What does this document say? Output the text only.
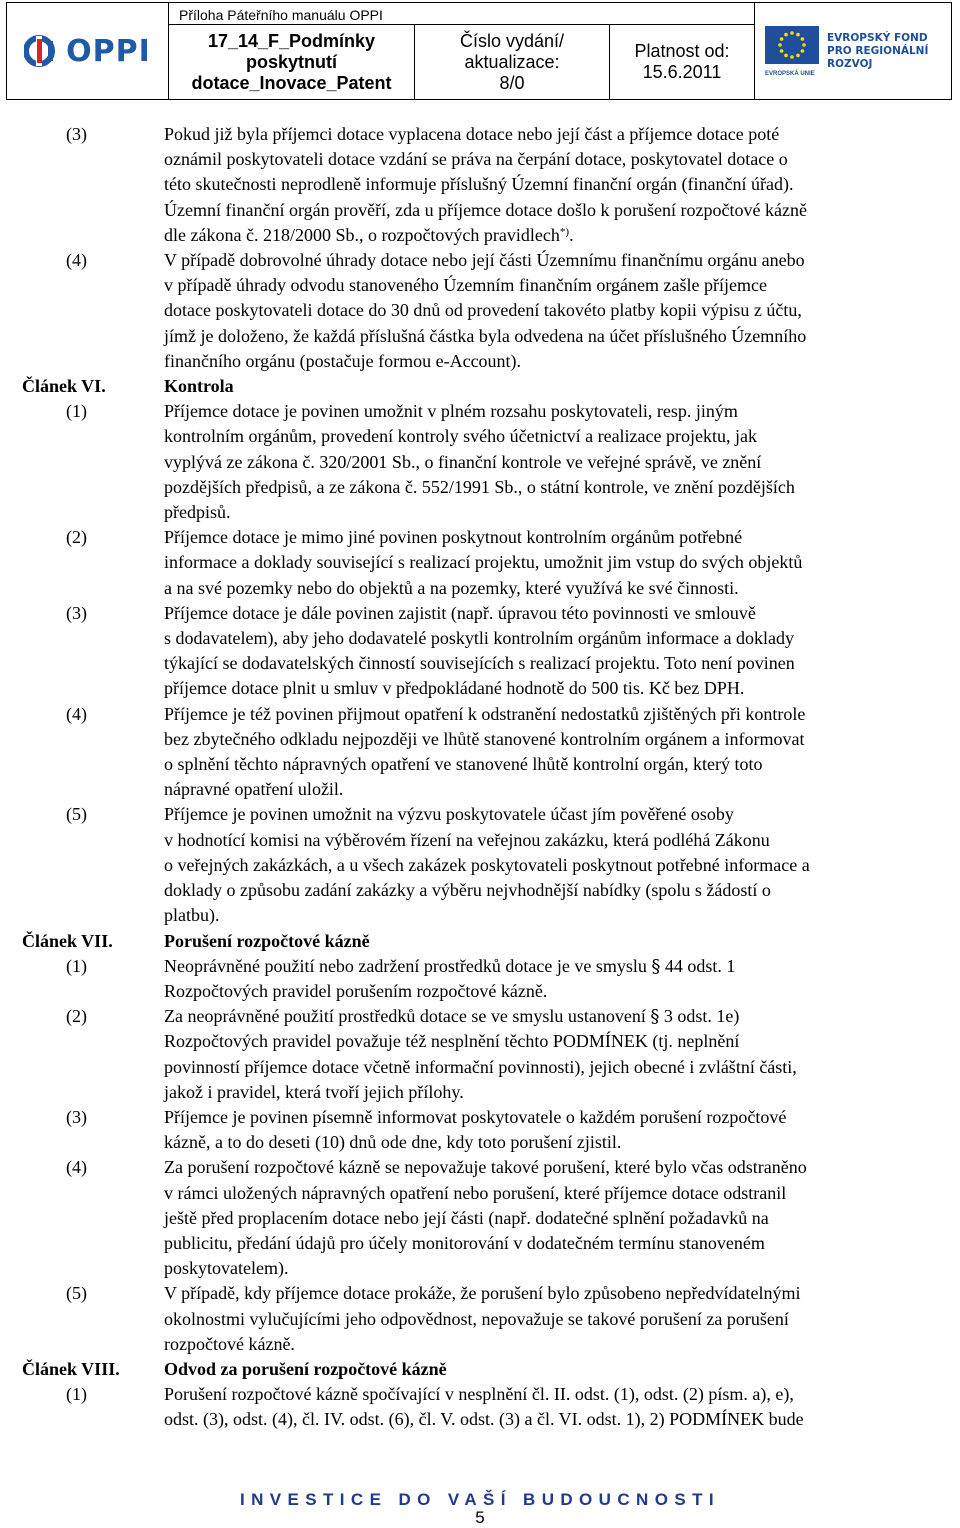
OPPI
Příloha Páteřního manuálu OPPI
17_14_F_Podmínky
poskytnutí
dotace_Inovace_Patent
Číslo vydání/
aktualizace:
8/0
Platnost od:
15.6.2011	EVROPSKÁ UNIE
EVROPSKÝ FOND
PRO REGIONÁLNÍ
ROZVOJ
(3)	Pokud již byla příjemci dotace vyplacena dotace nebo její část a příjemce dotace poté
oznámil poskytovateli dotace vzdání se práva na čerpání dotace, poskytovatel dotace o
této skutečnosti neprodleně informuje příslušný Územní finanční orgán (finanční úřad).
Územní finanční orgán prověří, zda u příjemce dotace došlo k porušení rozpočtové kázně
dle zákona č. 218/2000 Sb., o rozpočtových pravidlech*).
(4)	V případě dobrovolné úhrady dotace nebo její části Územnímu finančnímu orgánu anebo
v případě úhrady odvodu stanoveného Územním finančním orgánem zašle příjemce
dotace poskytovateli dotace do 30 dnů od provedení takovéto platby kopii výpisu z účtu,
jímž je doloženo, že každá příslušná částka byla odvedena na účet příslušného Územního
finančního orgánu (postačuje formou e-Account).
Článek VI.	Kontrola
(1)	Příjemce dotace je povinen umožnit v plném rozsahu poskytovateli, resp. jiným
kontrolním orgánům, provedení kontroly svého účetnictví a realizace projektu, jak
vyplývá ze zákona č. 320/2001 Sb., o finanční kontrole ve veřejné správě, ve znění
pozdějších předpisů, a ze zákona č. 552/1991 Sb., o státní kontrole, ve znění pozdějších
předpisů.
(2)	Příjemce dotace je mimo jiné povinen poskytnout kontrolním orgánům potřebné
informace a doklady související s realizací projektu, umožnit jim vstup do svých objektů
a na své pozemky nebo do objektů a na pozemky, které využívá ke své činnosti.
(3)	Příjemce dotace je dále povinen zajistit (např. úpravou této povinnosti ve smlouvě
s dodavatelem), aby jeho dodavatelé poskytli kontrolním orgánům informace a doklady
týkající se dodavatelských činností souvisejících s realizací projektu. Toto není povinen
příjemce dotace plnit u smluv v předpokládané hodnotě do 500 tis. Kč bez DPH.
(4)	Příjemce je též povinen přijmout opatření k odstranění nedostatků zjištěných při kontrole
bez zbytečného odkladu nejpozději ve lhůtě stanovené kontrolním orgánem a informovat
o splnění těchto nápravných opatření ve stanovené lhůtě kontrolní orgán, který toto
nápravné opatření uložil.
(5)	Příjemce je povinen umožnit na výzvu poskytovatele účast jím pověřené osoby
v hodnotící komisi na výběrovém řízení na veřejnou zakázku, která podléhá Zákonu
o veřejných zakázkách, a u všech zakázek poskytovateli poskytnout potřebné informace a
doklady o způsobu zadání zakázky a výběru nejvhodnější nabídky (spolu s žádostí o
platbu).
Článek VII.	Porušení rozpočtové kázně
(1)	Neoprávněné použití nebo zadržení prostředků dotace je ve smyslu § 44 odst. 1
Rozpočtových pravidel porušením rozpočtové kázně.
(2)	Za neoprávněné použití prostředků dotace se ve smyslu ustanovení § 3 odst. 1e)
Rozpočtových pravidel považuje též nesplnění těchto PODMÍNEK (tj. neplnění
povinností příjemce dotace včetně informační povinnosti), jejich obecné i zvláštní části,
jakož i pravidel, která tvoří jejich přílohy.
(3)	Příjemce je povinen písemně informovat poskytovatele o každém porušení rozpočtové
kázně, a to do deseti (10) dnů ode dne, kdy toto porušení zjistil.
(4)	Za porušení rozpočtové kázně se nepovažuje takové porušení, které bylo včas odstraněno
v rámci uložených nápravných opatření nebo porušení, které příjemce dotace odstranil
ještě před proplacením dotace nebo její části (např. dodatečné splnění požadavků na
publicitu, předání údajů pro účely monitorování v dodatečném termínu stanoveném
poskytovatelem).
(5)	V případě, kdy příjemce dotace prokáže, že porušení bylo způsobeno nepředvídatelnými
okolnostmi vylučujícími jeho odpovědnost, nepovažuje se takové porušení za porušení
rozpočtové kázně.
Článek VIII. Odvod za porušení rozpočtové kázně
(1)	Porušení rozpočtové kázně spočívající v nesplnění čl. II. odst. (1), odst. (2) písm. a), e),
odst. (3), odst. (4), čl. IV. odst. (6), čl. V. odst. (3) a čl. VI. odst. 1), 2) PODMÍNEK bude
INVESTICE DO VAŠÍ BUDOUCNOSTI
5
